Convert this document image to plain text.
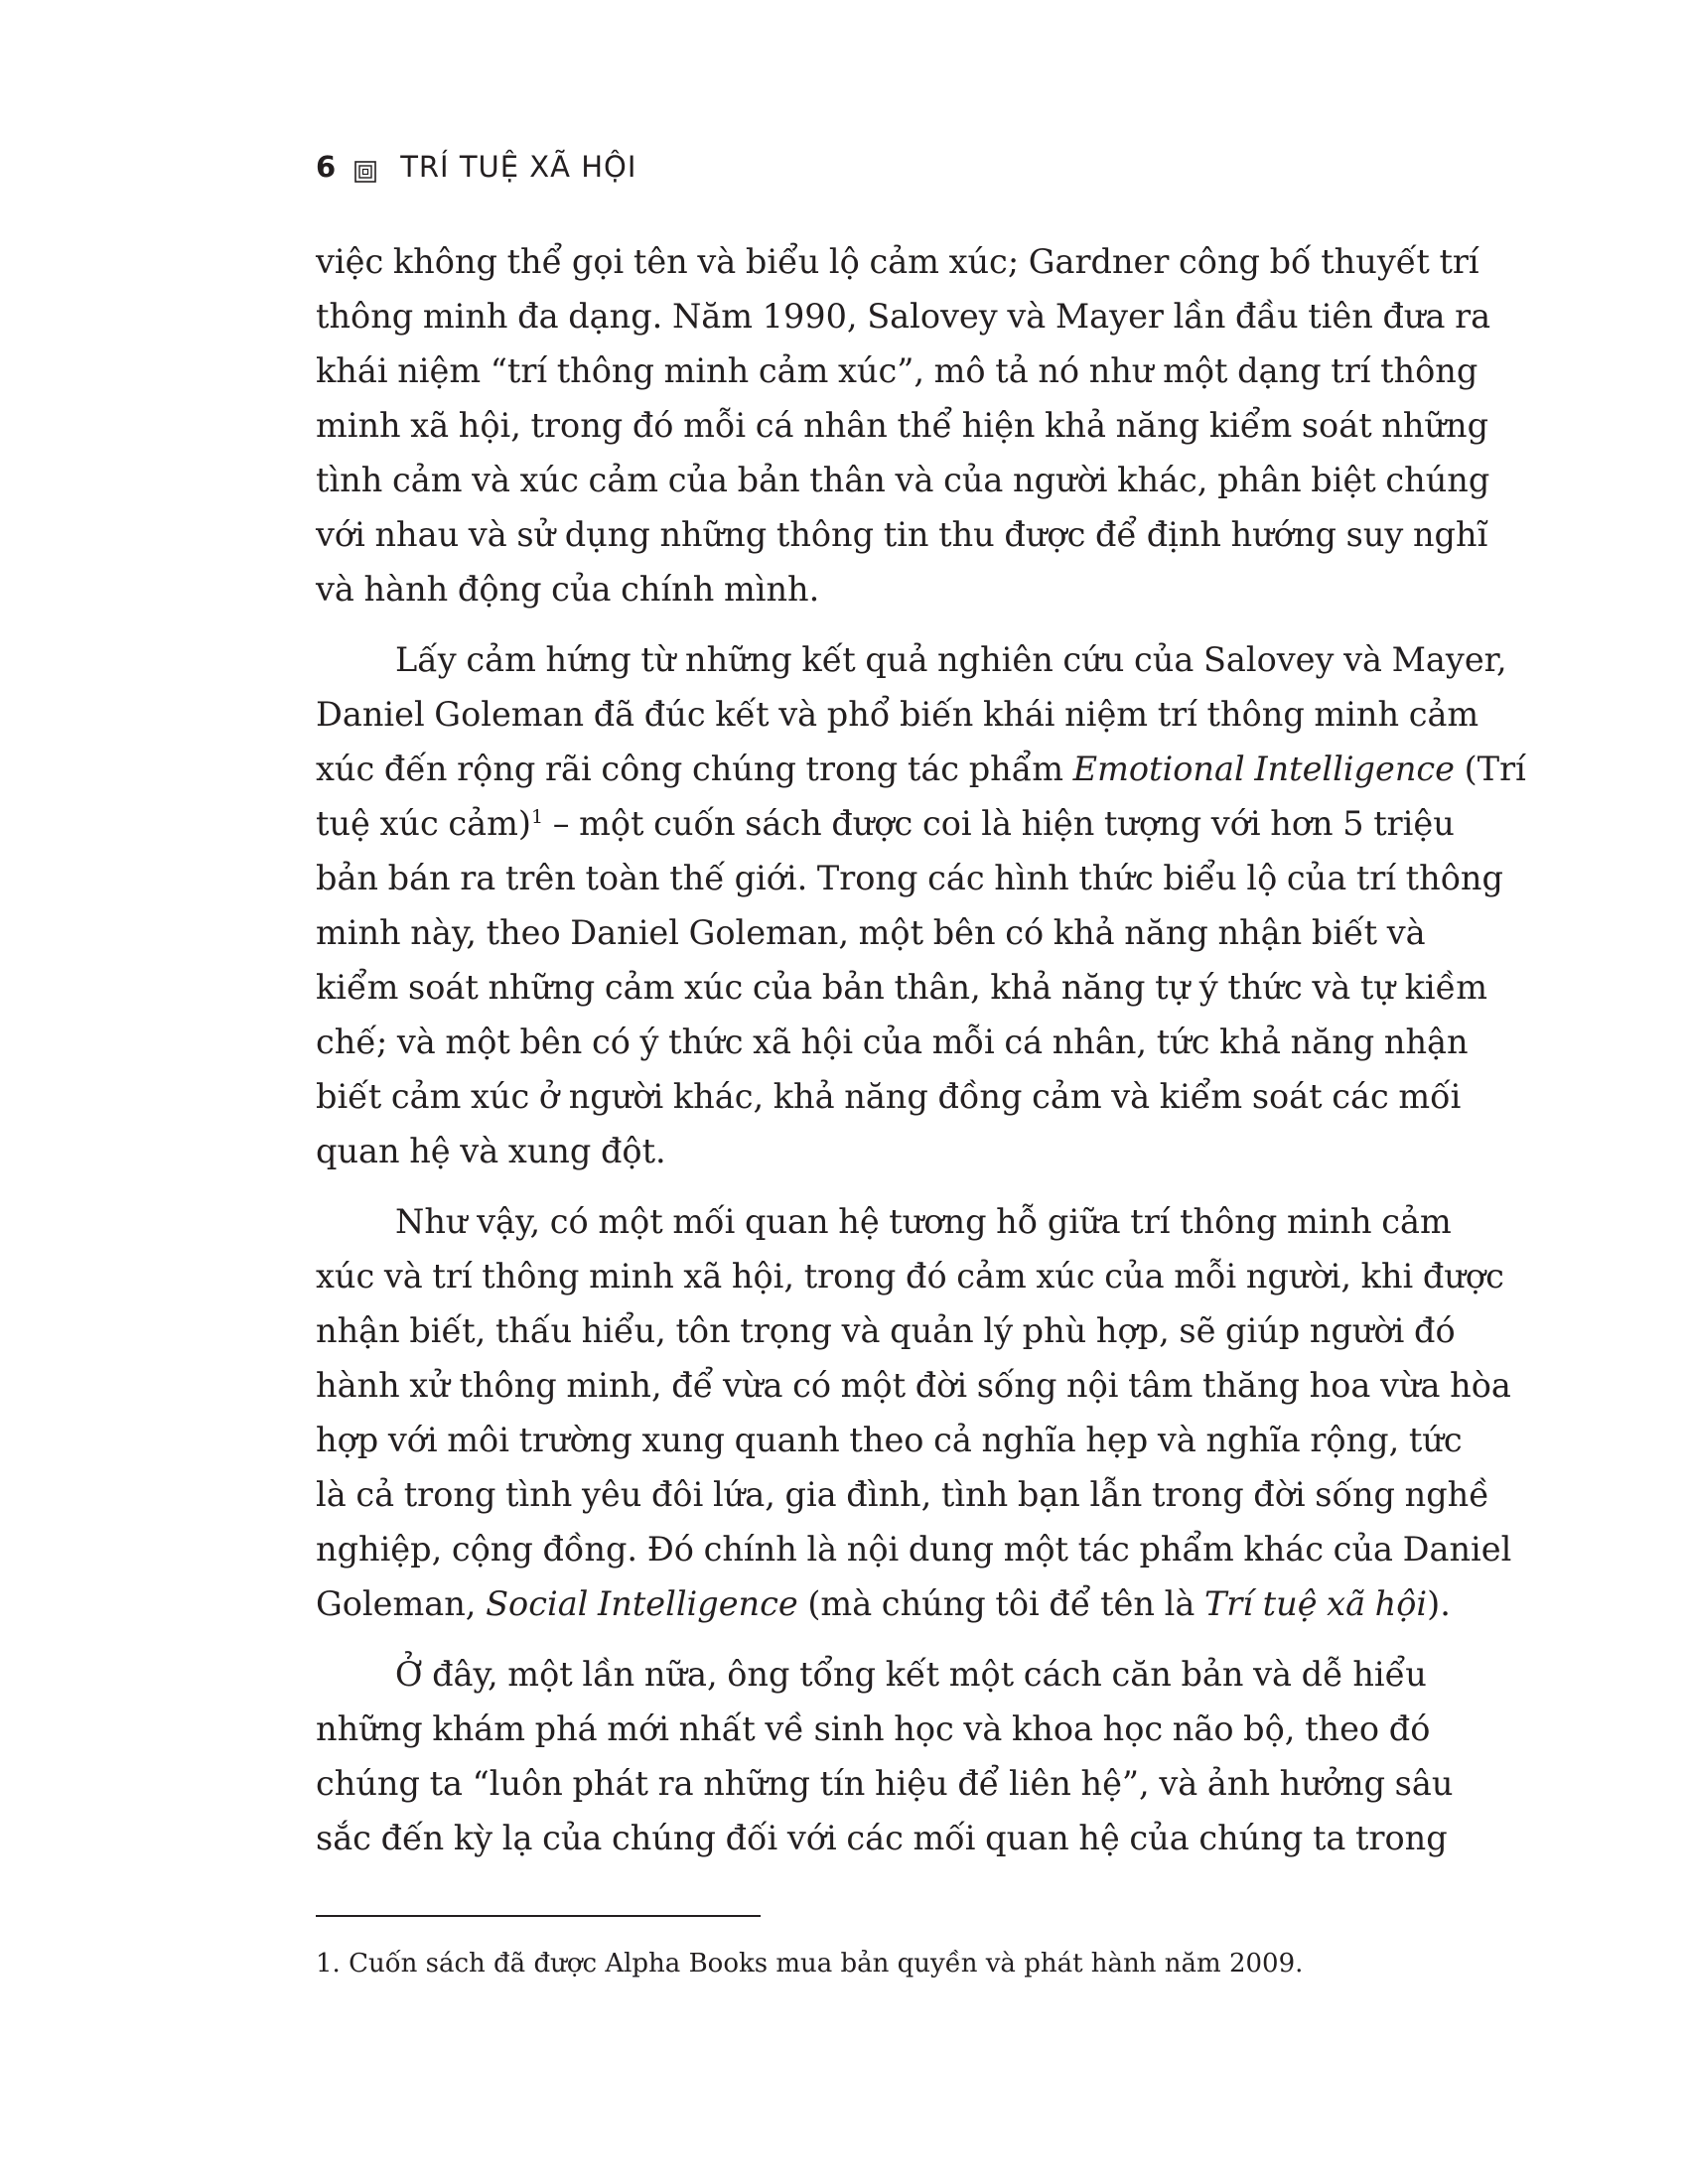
6 TRÍ TUỆ XÃ HỘI
việc không thể gọi tên và biểu lộ cảm xúc; Gardner công bố thuyết trí
thông minh đa dạng. Năm 1990, Salovey và Mayer lần đầu tiên đưa ra
khái niệm “trí thông minh cảm xúc”, mô tả nó như một dạng trí thông
minh xã hội, trong đó mỗi cá nhân thể hiện khả năng kiểm soát những
tình cảm và xúc cảm của bản thân và của người khác, phân biệt chúng
với nhau và sử dụng những thông tin thu được để định hướng suy nghĩ
và hành động của chính mình.
Lấy cảm hứng từ những kết quả nghiên cứu của Salovey và Mayer,
Daniel Goleman đã đúc kết và phổ biến khái niệm trí thông minh cảm
xúc đến rộng rãi công chúng trong tác phẩm Emotional Intelligence (Trí
tuệ xúc cảm)$^1$ – một cuốn sách được coi là hiện tượng với hơn 5 triệu
bản bán ra trên toàn thế giới. Trong các hình thức biểu lộ của trí thông
minh này, theo Daniel Goleman, một bên có khả năng nhận biết và
kiểm soát những cảm xúc của bản thân, khả năng tự ý thức và tự kiềm
chế; và một bên có ý thức xã hội của mỗi cá nhân, tức khả năng nhận
biết cảm xúc ở người khác, khả năng đồng cảm và kiểm soát các mối
quan hệ và xung đột.
Như vậy, có một mối quan hệ tương hỗ giữa trí thông minh cảm
xúc và trí thông minh xã hội, trong đó cảm xúc của mỗi người, khi được
nhận biết, thấu hiểu, tôn trọng và quản lý phù hợp, sẽ giúp người đó
hành xử thông minh, để vừa có một đời sống nội tâm thăng hoa vừa hòa
hợp với môi trường xung quanh theo cả nghĩa hẹp và nghĩa rộng, tức
là cả trong tình yêu đôi lứa, gia đình, tình bạn lẫn trong đời sống nghề
nghiệp, cộng đồng. Đó chính là nội dung một tác phẩm khác của Daniel
Goleman, Social Intelligence (mà chúng tôi để tên là Trí tuệ xã hội).
Ở đây, một lần nữa, ông tổng kết một cách căn bản và dễ hiểu
những khám phá mới nhất về sinh học và khoa học não bộ, theo đó
chúng ta “luôn phát ra những tín hiệu để liên hệ”, và ảnh hưởng sâu
sắc đến kỳ lạ của chúng đối với các mối quan hệ của chúng ta trong
1. Cuốn sách đã được Alpha Books mua bản quyền và phát hành năm 2009.
